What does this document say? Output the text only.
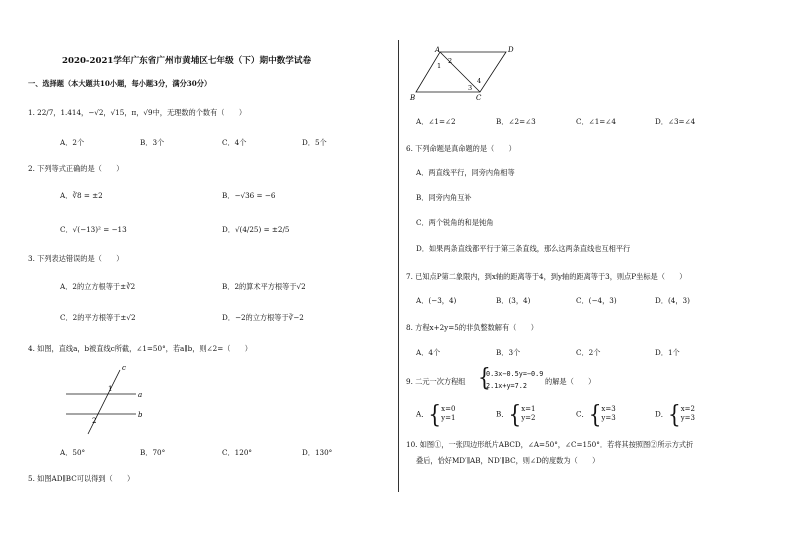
2020-2021学年广东省广州市黄埔区七年级（下）期中数学试卷
一、选择题（本大题共10小题，每小题3分，满分30分）
1. 22/7，1.414，−√2，√15，π，√9中，无理数的个数有（　　）
A．2个	B．3个	C．4个	D．5个
2. 下列等式正确的是（　　）
A．∛8 = ±2	B．−√36 = −6
C．√(−13)² = −13	D．√(4/25) = ±2/5
3. 下列表达错误的是（　　）
A．2的立方根等于±∛2	B．2的算术平方根等于√2
C．2的平方根等于±√2	D．−2的立方根等于∛−2
4. 如图，直线a，b被直线c所截，∠1=50°，若a∥b，则∠2=（　　）
c
a
b
1
2
A．50°	B．70°	C．120°	D．130°
5. 如图AD∥BC可以得到（　　）
A	D
B	C
1
2
3
4
A．∠1=∠2	B．∠2=∠3	C．∠1=∠4	D．∠3=∠4
6. 下列命题是真命题的是（　　）
A．两直线平行，同旁内角相等
B．同旁内角互补
C．两个锐角的和是钝角
D．如果两条直线都平行于第三条直线，那么这两条直线也互相平行
7. 已知点P第二象限内，到x轴的距离等于4，到y轴的距离等于3，则点P坐标是（　　）
A．(−3，4)	B．(3，4)	C．(−4，3)	D．(4，3)
8. 方程x+2y=5的非负整数解有（　　）
A．4个	B．3个	C．2个	D．1个
9. 二元一次方程组 {
0.3x−0.5y=−0.9
2.1x+y=7.2	的解是（　　）
A．{x=0
y=1	B．{x=1
y=2	C．{x=3
y=3	D．{x=2
y=3
10. 如图①，一张四边形纸片ABCD，∠A=50°，∠C=150°．若将其按照图②所示方式折
叠后，恰好MD′∥AB，ND′∥BC，则∠D的度数为（　　）
